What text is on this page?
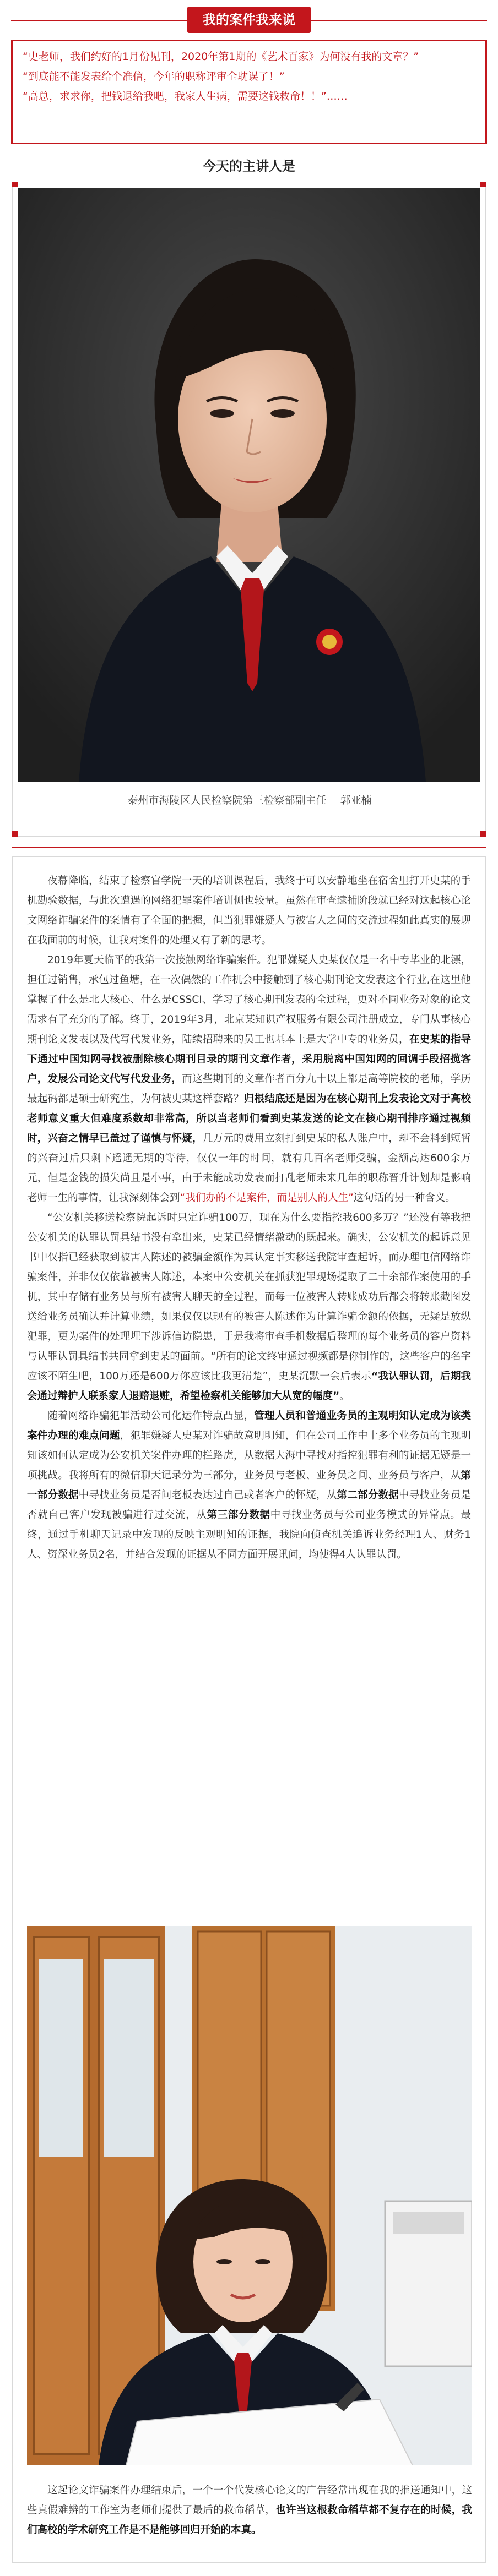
我的案件我来说

“史老师，我们约好的1月份见刊，2020年第1期的《艺术百家》为何没有我的文章？”

“到底能不能发表给个准信，今年的职称评审全耽误了！”

“高总，求求你，把钱退给我吧，我家人生病，需要这钱救命！！”……

今天的主讲人是
泰州市海陵区人民检察院第三检察部副主任　 郭亚楠

夜幕降临，结束了检察官学院一天的培训课程后，我终于可以安静地坐在宿舍里打开史某的手机勘验数据，与此次遭遇的网络犯罪案件培训侧也较量。虽然在审查逮捕阶段就已经对这起核心论文网络诈骗案件的案情有了全面的把握，但当犯罪嫌疑人与被害人之间的交流过程如此真实的展现在我面前的时候，让我对案件的处理又有了新的思考。

2019年夏天临平的我第一次接触网络诈骗案件。犯罪嫌疑人史某仅仅是一名中专毕业的北漂，担任过销售，承包过鱼塘，在一次偶然的工作机会中接触到了核心期刊论文发表这个行业,在这里他掌握了什么是北大核心、什么是CSSCI、学习了核心期刊发表的全过程，更对不同业务对象的论文需求有了充分的了解。终于，2019年3月，北京某知识产权服务有限公司注册成立，专门从事核心期刊论文发表以及代写代发业务，陆续招聘来的员工也基本上是大学中专的业务员，在史某的指导下通过中国知网寻找被删除核心期刊目录的期刊文章作者，采用脱离中国知网的回调手段招揽客户，发展公司论文代写代发业务，而这些期刊的文章作者百分九十以上都是高等院校的老师，学历最起码都是硕士研究生，为何被史某这样套路？归根结底还是因为在核心期刊上发表论文对于高校老师意义重大但难度系数却非常高，所以当老师们看到史某发送的论文在核心期刊排序通过视频时，兴奋之情早已盖过了谨慎与怀疑，几万元的费用立刻打到史某的私人账户中，却不会料到短暂的兴奋过后只剩下遥遥无期的等待，仅仅一年的时间，就有几百名老师受骗，金额高达600余万元，但是金钱的损失尚且是小事，由于未能成功发表而打乱老师未来几年的职称晋升计划却是影响老师一生的事情，让我深刻体会到“我们办的不是案件，而是别人的人生”这句话的另一种含义。

“公安机关移送检察院起诉时只定诈骗100万，现在为什么要指控我600多万？”还没有等我把公安机关的认罪认罚具结书没有拿出来，史某已经情绪激动的既起来。确实，公安机关的起诉意见书中仅指已经获取到被害人陈述的被骗金额作为其认定事实移送我院审查起诉，而办理电信网络诈骗案件，并非仅仅依靠被害人陈述，本案中公安机关在抓获犯罪现场提取了二十余部作案使用的手机，其中存储有业务员与所有被害人聊天的全过程，而每一位被害人转账成功后都会将转账截图发送给业务员确认并计算业绩，如果仅仅以现有的被害人陈述作为计算诈骗金额的依据，无疑是放纵犯罪，更为案件的处理埋下涉诉信访隐患，于是我将审查手机数据后整理的每个业务员的客户资料与认罪认罚具结书共同拿到史某的面前。“所有的论文终审通过视频都是你制作的，这些客户的名字应该不陌生吧，100万还是600万你应该比我更清楚”，史某沉默一会后表示“我认罪认罚，后期我会通过辩护人联系家人退赔退赃，希望检察机关能够加大从宽的幅度”。

随着网络诈骗犯罪活动公司化运作特点凸显，管理人员和普通业务员的主观明知认定成为该类案件办理的难点问题，犯罪嫌疑人史某对诈骗故意明明知，但在公司工作中十多个业务员的主观明知该如何认定成为公安机关案件办理的拦路虎，从数据大海中寻找对指控犯罪有利的证据无疑是一项挑战。我将所有的微信聊天记录分为三部分，业务员与老板、业务员之间、业务员与客户，从第一部分数据中寻找业务员是否问老板表达过自己或者客户的怀疑，从第二部分数据中寻找业务员是否就自己客户发现被骗进行过交流，从第三部分数据中寻找业务员与公司业务模式的异常点。最终，通过手机聊天记录中发现的反映主观明知的证据，我院向侦查机关追诉业务经理1人、财务1人、资深业务员2名，并结合发现的证据从不同方面开展讯问，均使得4人认罪认罚。

这起论文诈骗案件办理结束后，一个一个代发核心论文的广告经常出现在我的推送通知中，这些真假难辨的工作室为老师们提供了最后的救命稻草，也许当这根救命稻草都不复存在的时候，我们高校的学术研究工作是不是能够回归开始的本真。
